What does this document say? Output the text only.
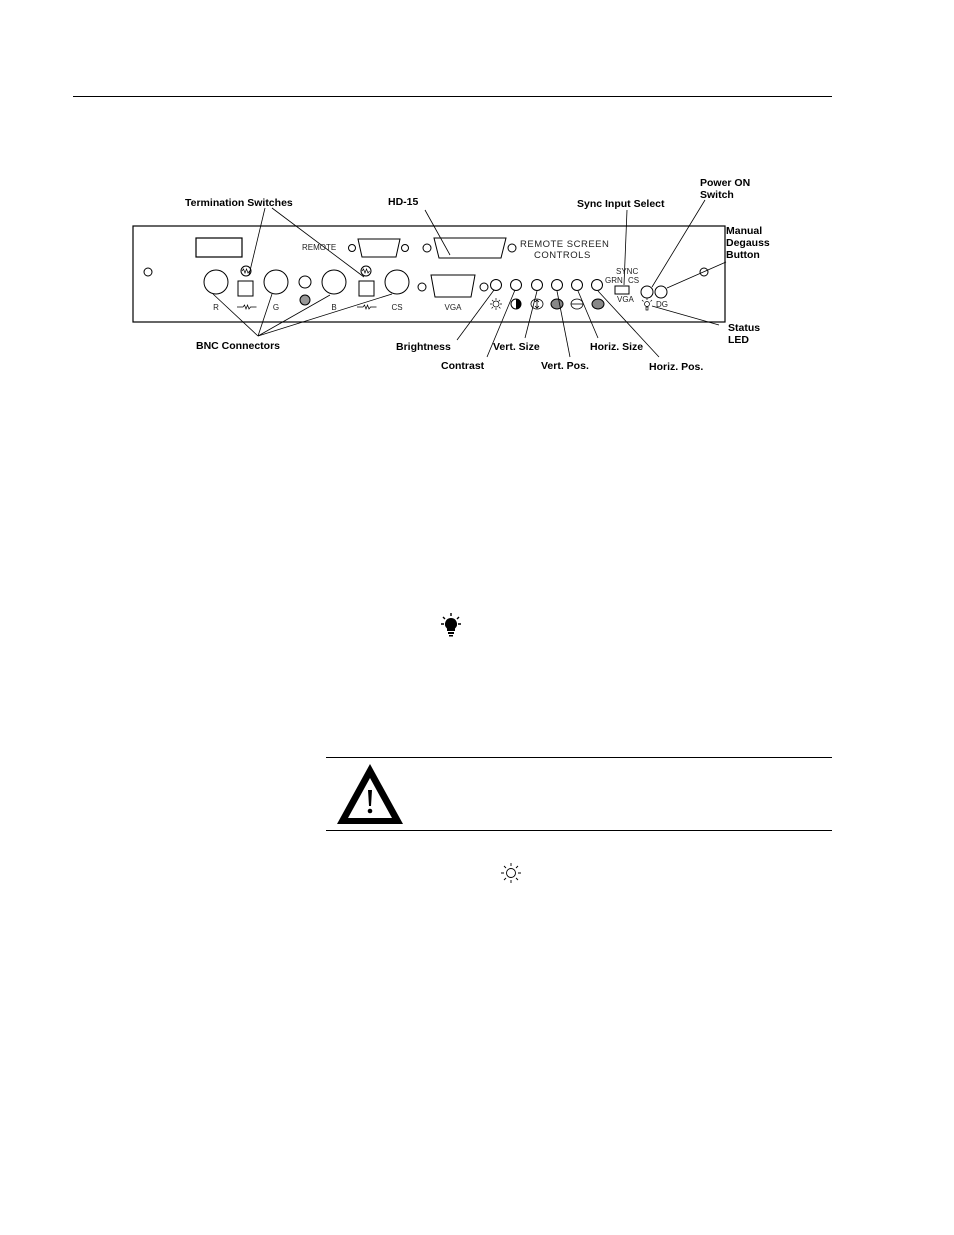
R	G	B	CS
REMOTE	REMOTE SCREEN
CONTROLS
VGA
SYNC
GRN CS
VGA
DG
Termination Switches	HD-15	Sync Input Select
Power ON
Switch
Manual
Degauss
Button
BNC Connectors	Brightness
Contrast
Vert. Size
Vert. Pos.
Horiz. Size
Horiz. Pos.
Status
LED
